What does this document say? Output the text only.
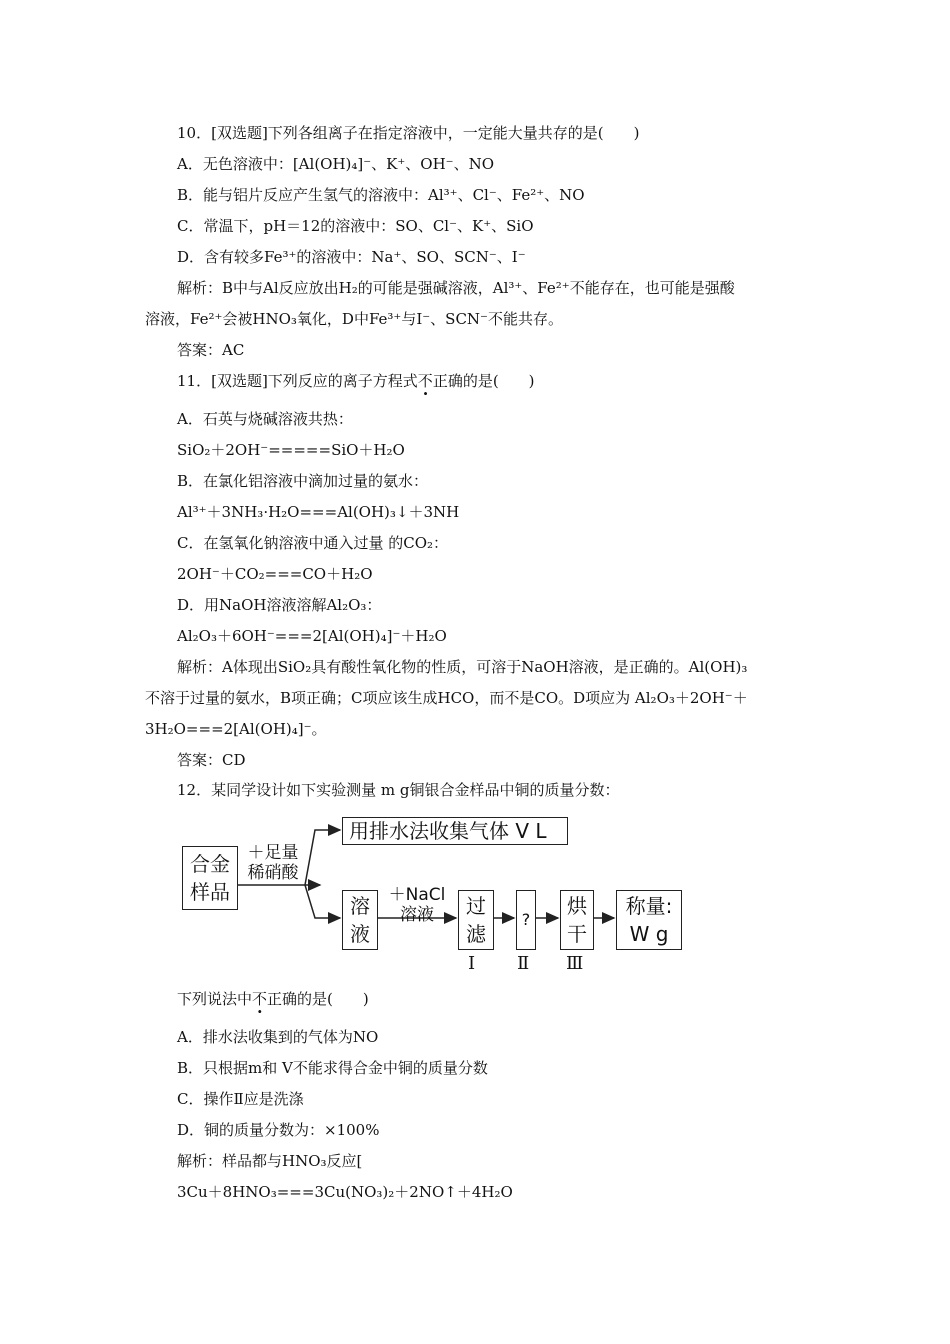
10．[双选题]下列各组离子在指定溶液中，一定能大量共存的是(　　)
A．无色溶液中：[Al(OH)₄]⁻、K⁺、OH⁻、NO
B．能与铝片反应产生氢气的溶液中：Al³⁺、Cl⁻、Fe²⁺、NO
C．常温下，pH＝12的溶液中：SO、Cl⁻、K⁺、SiO
D．含有较多Fe³⁺的溶液中：Na⁺、SO、SCN⁻、I⁻
解析：B中与Al反应放出H₂的可能是强碱溶液，Al³⁺、Fe²⁺不能存在，也可能是强酸
溶液，Fe²⁺会被HNO₃氧化，D中Fe³⁺与I⁻、SCN⁻不能共存。
答案：AC
11．[双选题]下列反应的离子方程式不正确的是(　　)
A．石英与烧碱溶液共热：
SiO₂＋2OH⁻=====SiO＋H₂O
B．在氯化铝溶液中滴加过量的氨水：
Al³⁺＋3NH₃·H₂O===Al(OH)₃↓＋3NH
C．在氢氧化钠溶液中通入过量 的CO₂：
2OH⁻＋CO₂===CO＋H₂O
D．用NaOH溶液溶解Al₂O₃：
Al₂O₃＋6OH⁻===2[Al(OH)₄]⁻＋H₂O
解析：A体现出SiO₂具有酸性氧化物的性质，可溶于NaOH溶液，是正确的。Al(OH)₃
不溶于过量的氨水，B项正确；C项应该生成HCO，而不是CO。D项应为 Al₂O₃＋2OH⁻＋
3H₂O===2[Al(OH)₄]⁻。
答案：CD
12．某同学设计如下实验测量 m g铜银合金样品中铜的质量分数：
合金
样品
＋足量
稀硝酸
用排水法收集气体 V L
溶
液
＋NaCl
溶液	过
滤
?
烘
干
称量:
W g
Ⅰ Ⅱ Ⅲ
下列说法中不正确的是(　　)
A．排水法收集到的气体为NO
B．只根据m和 V不能求得合金中铜的质量分数
C．操作Ⅱ应是洗涤
D．铜的质量分数为：×100%
解析：样品都与HNO₃反应[
3Cu＋8HNO₃===3Cu(NO₃)₂＋2NO↑＋4H₂O
